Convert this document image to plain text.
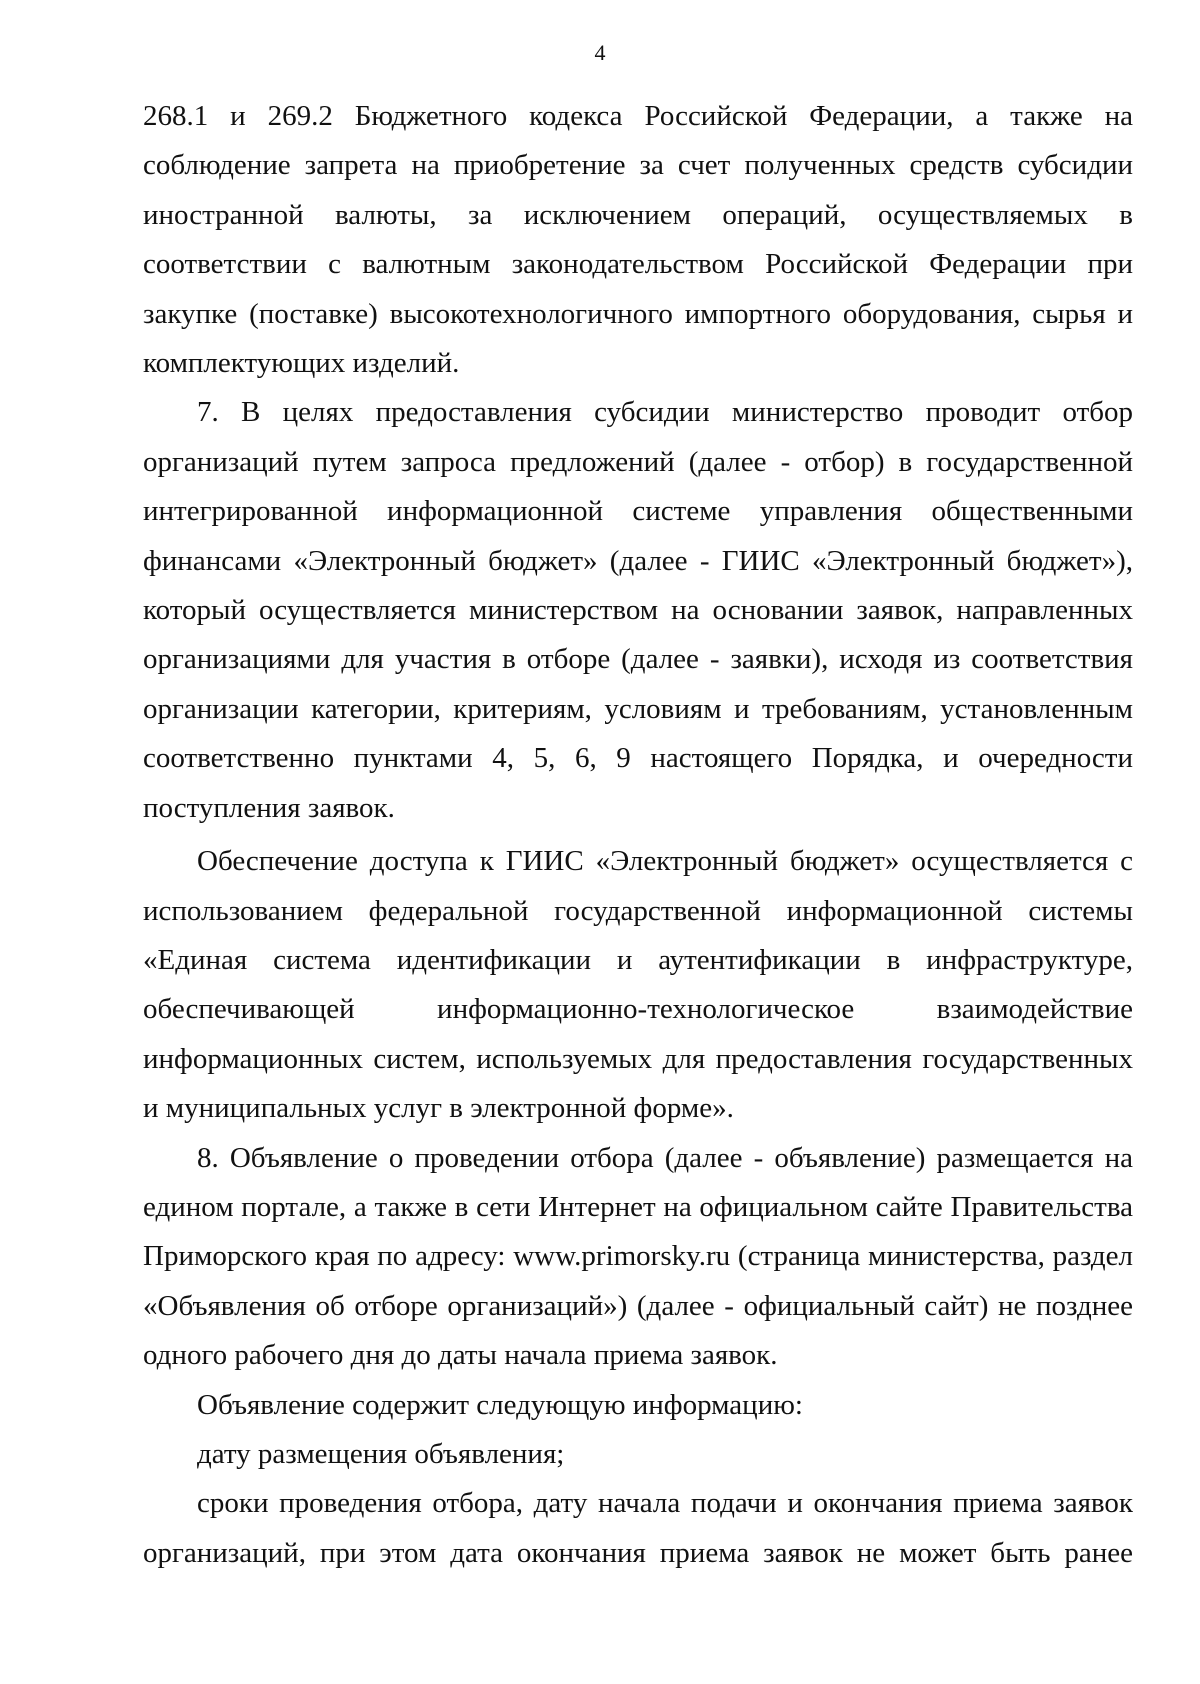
4

268.1 и 269.2 Бюджетного кодекса Российской Федерации, а также на соблюдение запрета на приобретение за счет полученных средств субсидии иностранной валюты, за исключением операций, осуществляемых в соответствии с валютным законодательством Российской Федерации при закупке (поставке) высокотехнологичного импортного оборудования, сырья и комплектующих изделий.

7. В целях предоставления субсидии министерство проводит отбор организаций путем запроса предложений (далее - отбор) в государственной интегрированной информационной системе управления общественными финансами «Электронный бюджет» (далее - ГИИС «Электронный бюджет»), который осуществляется министерством на основании заявок, направленных организациями для участия в отборе (далее - заявки), исходя из соответствия организации категории, критериям, условиям и требованиям, установленным соответственно пунктами 4, 5, 6, 9 настоящего Порядка, и очередности поступления заявок.

Обеспечение доступа к ГИИС «Электронный бюджет» осуществляется с использованием федеральной государственной информационной системы «Единая система идентификации и аутентификации в инфраструктуре, обеспечивающей информационно-технологическое взаимодействие информационных систем, используемых для предоставления государственных и муниципальных услуг в электронной форме».

8. Объявление о проведении отбора (далее - объявление) размещается на едином портале, а также в сети Интернет на официальном сайте Правительства Приморского края по адресу: www.primorsky.ru (страница министерства, раздел «Объявления об отборе организаций») (далее - официальный сайт) не позднее одного рабочего дня до даты начала приема заявок.

Объявление содержит следующую информацию:

дату размещения объявления;

сроки проведения отбора, дату начала подачи и окончания приема заявок организаций, при этом дата окончания приема заявок не может быть ранее
